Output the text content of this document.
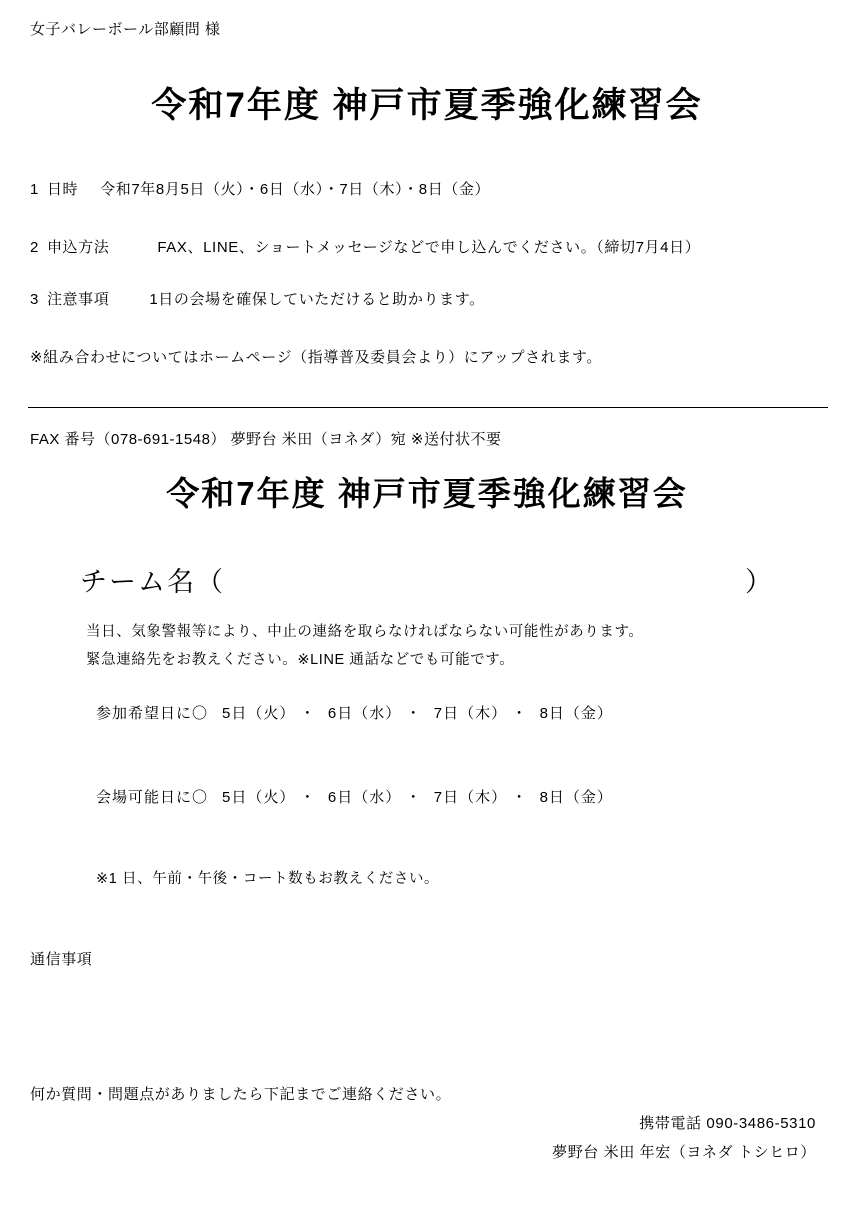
女子バレーボール部顧問 様
令和7年度 神戸市夏季強化練習会
1 日時 令和7年8月5日（火）・6日（水）・7日（木）・8日（金）
2 申込方法	FAX、LINE、ショートメッセージなどで申し込んでください。（締切7月4日）
3 注意事項	1日の会場を確保していただけると助かります。
※組み合わせについてはホームページ（指導普及委員会より）にアップされます。
FAX 番号（078-691-1548） 夢野台 米田（ヨネダ）宛 ※送付状不要
令和7年度 神戸市夏季強化練習会
チーム名（	）
当日、気象警報等により、中止の連絡を取らなければならない可能性があります。
緊急連絡先をお教えください。※LINE 通話などでも可能です。
参加希望日に〇 5日（火） ・ 6日（水） ・ 7日（木） ・ 8日（金）
会場可能日に〇 5日（火） ・ 6日（水） ・ 7日（木） ・ 8日（金）
※1 日、午前・午後・コート数もお教えください。
通信事項
何か質問・問題点がありましたら下記までご連絡ください。
携帯電話 090-3486-5310
夢野台 米田 年宏（ヨネダ トシヒロ）
